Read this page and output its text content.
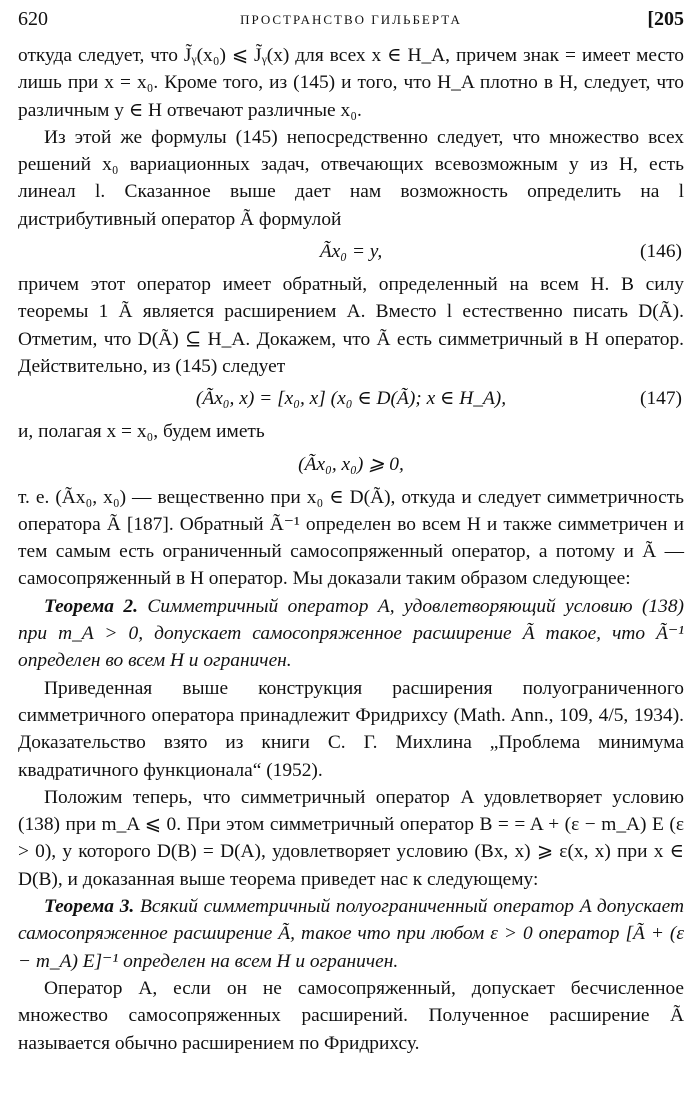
620	ПРОСТРАНСТВО ГИЛЬБЕРТА	[205

откуда следует, что J̃ᵧ(x₀) ⩽ J̃ᵧ(x) для всех x ∈ H_A, причем знак = имеет место лишь при x = x₀. Кроме того, из (145) и того, что H_A плотно в H, следует, что различным y ∈ H отвечают различные x₀.

Из этой же формулы (145) непосредственно следует, что множество всех решений x₀ вариационных задач, отвечающих всевозможным y из H, есть линеал l. Сказанное выше дает нам возможность определить на l дистрибутивный оператор Ã формулой

Ãx₀ = y,	(146)

причем этот оператор имеет обратный, определенный на всем H. В силу теоремы 1 Ã является расширением A. Вместо l естественно писать D(Ã). Отметим, что D(Ã) ⊆ H_A. Докажем, что Ã есть симметричный в H оператор. Действительно, из (145) следует

(Ãx₀, x) = [x₀, x] (x₀ ∈ D(Ã); x ∈ H_A),	(147)

и, полагая x = x₀, будем иметь

(Ãx₀, x₀) ⩾ 0,

т. е. (Ãx₀, x₀) — вещественно при x₀ ∈ D(Ã), откуда и следует симметричность оператора Ã [187]. Обратный Ã⁻¹ определен во всем H и также симметричен и тем самым есть ограниченный самосопряженный оператор, а потому и Ã — самосопряженный в H оператор. Мы доказали таким образом следующее:

Теорема 2. Симметричный оператор A, удовлетворяющий условию (138) при m_A > 0, допускает самосопряженное расширение Ã такое, что Ã⁻¹ определен во всем H и ограничен.

Приведенная выше конструкция расширения полуограниченного симметричного оператора принадлежит Фридрихсу (Math. Ann., 109, 4/5, 1934). Доказательство взято из книги С. Г. Михлина „Проблема минимума квадратичного функционала“ (1952).

Положим теперь, что симметричный оператор A удовлетворяет условию (138) при m_A ⩽ 0. При этом симметричный оператор B = = A + (ε − m_A) E (ε > 0), у которого D(B) = D(A), удовлетворяет условию (Bx, x) ⩾ ε(x, x) при x ∈ D(B), и доказанная выше теорема приведет нас к следующему:

Теорема 3. Всякий симметричный полуограниченный оператор A допускает самосопряженное расширение Ã, такое что при любом ε > 0 оператор [Ã + (ε − m_A) E]⁻¹ определен на всем H и ограничен.

Оператор A, если он не самосопряженный, допускает бесчисленное множество самосопряженных расширений. Полученное расширение Ã называется обычно расширением по Фридрихсу.
